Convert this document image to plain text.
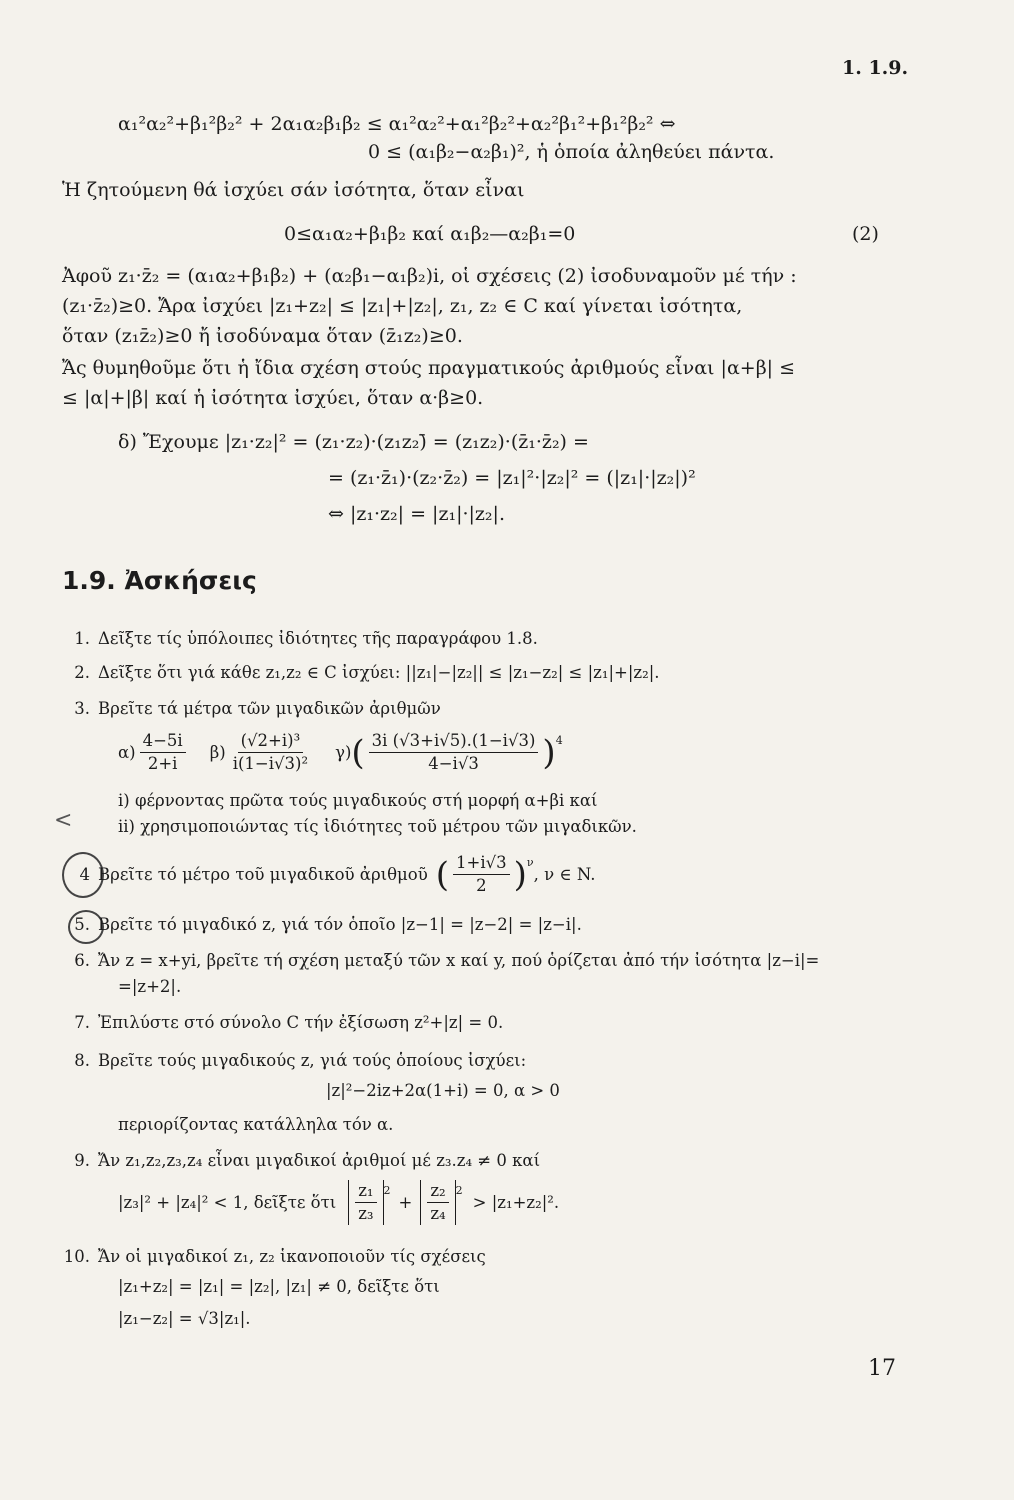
1. 1.9.
α₁²α₂²+β₁²β₂² + 2α₁α₂β₁β₂ ≤ α₁²α₂²+α₁²β₂²+α₂²β₁²+β₁²β₂² ⇔
0 ≤ (α₁β₂−α₂β₁)², ἡ ὁποία ἀληθεύει πάντα.
Ἡ ζητούμενη θά ἰσχύει σάν ἰσότητα, ὅταν εἶναι
0≤α₁α₂+β₁β₂ καί α₁β₂—α₂β₁=0	(2)
Ἀφοῦ z₁·z̄₂ = (α₁α₂+β₁β₂) + (α₂β₁−α₁β₂)i, οἱ σχέσεις (2) ἰσοδυναμοῦν μέ τήν :
(z₁·z̄₂)≥0. Ἄρα ἰσχύει |z₁+z₂| ≤ |z₁|+|z₂|, z₁, z₂ ∈ C καί γίνεται ἰσότητα,
ὅταν (z₁z̄₂)≥0 ἤ ἰσοδύναμα ὅταν (z̄₁z₂)≥0.
Ἄς θυμηθοῦμε ὅτι ἡ ἴδια σχέση στούς πραγματικούς ἀριθμούς εἶναι |α+β| ≤
≤ |α|+|β| καί ἡ ἰσότητα ἰσχύει, ὅταν α·β≥0.
δ) Ἔχουμε |z₁·z₂|² = (z₁·z₂)·(z₁z₂)̄ = (z₁z₂)·(z̄₁·z̄₂) =
= (z₁·z̄₁)·(z₂·z̄₂) = |z₁|²·|z₂|² = (|z₁|·|z₂|)²
⇔ |z₁·z₂| = |z₁|·|z₂|.
1.9. Ἀσκήσεις
1. Δεῖξτε τίς ὑπόλοιπες ἰδιότητες τῆς παραγράφου 1.8.
2. Δεῖξτε ὅτι γιά κάθε z₁,z₂ ∈ C ἰσχύει: ||z₁|−|z₂|| ≤ |z₁−z₂| ≤ |z₁|+|z₂|.
3. Βρεῖτε τά μέτρα τῶν μιγαδικῶν ἀριθμῶν
$\alpha) \frac{4-5i}{2+i} \beta) \frac{\text{(√2+i)³}}{\text{i(1−i√3)²}} \gamma$) ( $\frac{3i (√3+i√5).(1-i√3)}{4-i√3} )^4$
i) φέρνοντας πρῶτα τούς μιγαδικούς στή μορφή α+βi καί
ii) χρησιμοποιώντας τίς ἰδιότητες τοῦ μέτρου τῶν μιγαδικῶν.
<
4 Βρεῖτε τό μέτρο τοῦ μιγαδικοῦ ἀριθμοῦ ( $\frac{1+i√3}{2} )^\nu$
, ν ∈ N.
5. Βρεῖτε τό μιγαδικό z, γιά τόν ὁποῖο |z−1| = |z−2| = |z−i|.
6. Ἄν z = x+yi, βρεῖτε τή σχέση μεταξύ τῶν x καί y, πού ὁρίζεται ἀπό τήν ἰσότητα |z−i|=
=|z+2|.
7. Ἐπιλύστε στό σύνολο C τήν ἐξίσωση z²+|z| = 0.
8. Βρεῖτε τούς μιγαδικούς z, γιά τούς ὁποίους ἰσχύει:
|z|²−2iz+2α(1+i) = 0, α > 0
περιορίζοντας κατάλληλα τόν α.
9. Ἄν z₁,z₂,z₃,z₄ εἶναι μιγαδικοί ἀριθμοί μέ z₃.z₄ ≠ 0 καί
|z₃|² + |z₄|² < 1, δεῖξτε ὅτι $\frac{\text{z₁}}{\text{z₃}} ^2$
+ $\frac{\text{z₂}}{\text{z₄}} ^2$
> |z₁+z₂|².
10. Ἄν οἱ μιγαδικοί z₁, z₂ ἱκανοποιοῦν τίς σχέσεις
|z₁+z₂| = |z₁| = |z₂|, |z₁| ≠ 0, δεῖξτε ὅτι
|z₁−z₂| = √3|z₁|.
17
